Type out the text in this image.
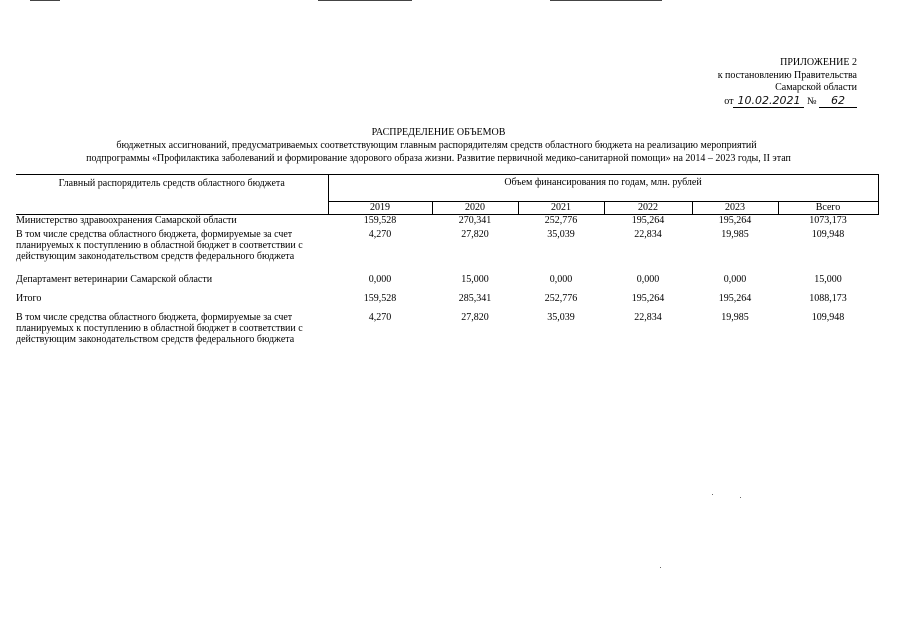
ПРИЛОЖЕНИЕ 2
к постановлению Правительства
Самарской области
от 10.02.2021 № 62
РАСПРЕДЕЛЕНИЕ ОБЪЕМОВ
бюджетных ассигнований, предусматриваемых соответствующим главным распорядителям средств областного бюджета на реализацию мероприятий
подпрограммы «Профилактика заболеваний и формирование здорового образа жизни. Развитие первичной медико-санитарной помощи» на 2014 – 2023 годы, II этап
Главный распорядитель средств областного бюджета	Объем финансирования по годам, млн. рублей					
	2019	2020	2021	2022	2023	Всего
Министерство здравоохранения Самарской области	159,528	270,341	252,776	195,264	195,264	1073,173
В том числе средства областного бюджета, формируемые за счет планируемых к поступлению в областной бюджет в соответствии с действующим законодательством средств федерального бюджета	4,270	27,820	35,039	22,834	19,985	109,948
Департамент ветеринарии Самарской области	0,000	15,000	0,000	0,000	0,000	15,000
Итого	159,528	285,341	252,776	195,264	195,264	1088,173
В том числе средства областного бюджета, формируемые за счет планируемых к поступлению в областной бюджет в соответствии с действующим законодательством средств федерального бюджета	4,270	27,820	35,039	22,834	19,985	109,948
